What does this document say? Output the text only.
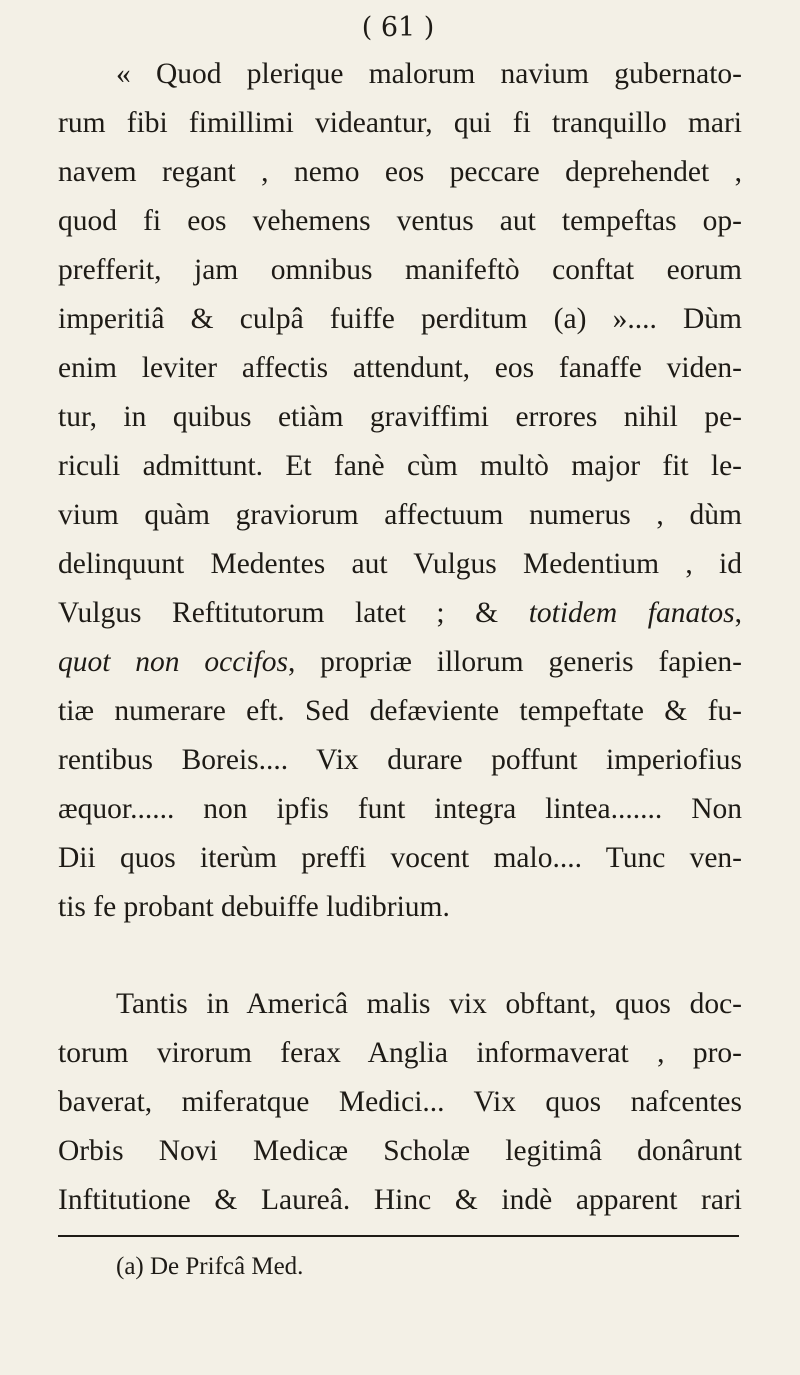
( 61 )

« Quod plerique malorum navium gubernato-
rum fibi fimillimi videantur, qui fi tranquillo mari
navem regant , nemo eos peccare deprehendet ,
quod fi eos vehemens ventus aut tempeftas op-
prefferit, jam omnibus manifeftò conftat eorum
imperitiâ & culpâ fuiffe perditum (a) ».... Dùm
enim leviter affectis attendunt, eos fanaffe viden-
tur, in quibus etiàm graviffimi errores nihil pe-
riculi admittunt. Et fanè cùm multò major fit le-
vium quàm graviorum affectuum numerus , dùm
delinquunt Medentes aut Vulgus Medentium , id
Vulgus Reftitutorum latet ; & totidem fanatos,
quot non occifos, propriæ illorum generis fapien-
tiæ numerare eft. Sed defæviente tempeftate & fu-
rentibus Boreis.... Vix durare poffunt imperiofius
æquor...... non ipfis funt integra lintea....... Non
Dii quos iterùm preffi vocent malo.... Tunc ven-
tis fe probant debuiffe ludibrium.

Tantis in Americâ malis vix obftant, quos doc-
torum virorum ferax Anglia informaverat , pro-
baverat, miferatque Medici... Vix quos nafcentes
Orbis Novi Medicæ Scholæ legitimâ donârunt
Inftitutione & Laureâ. Hinc & indè apparent rari

(a) De Prifcâ Med.
